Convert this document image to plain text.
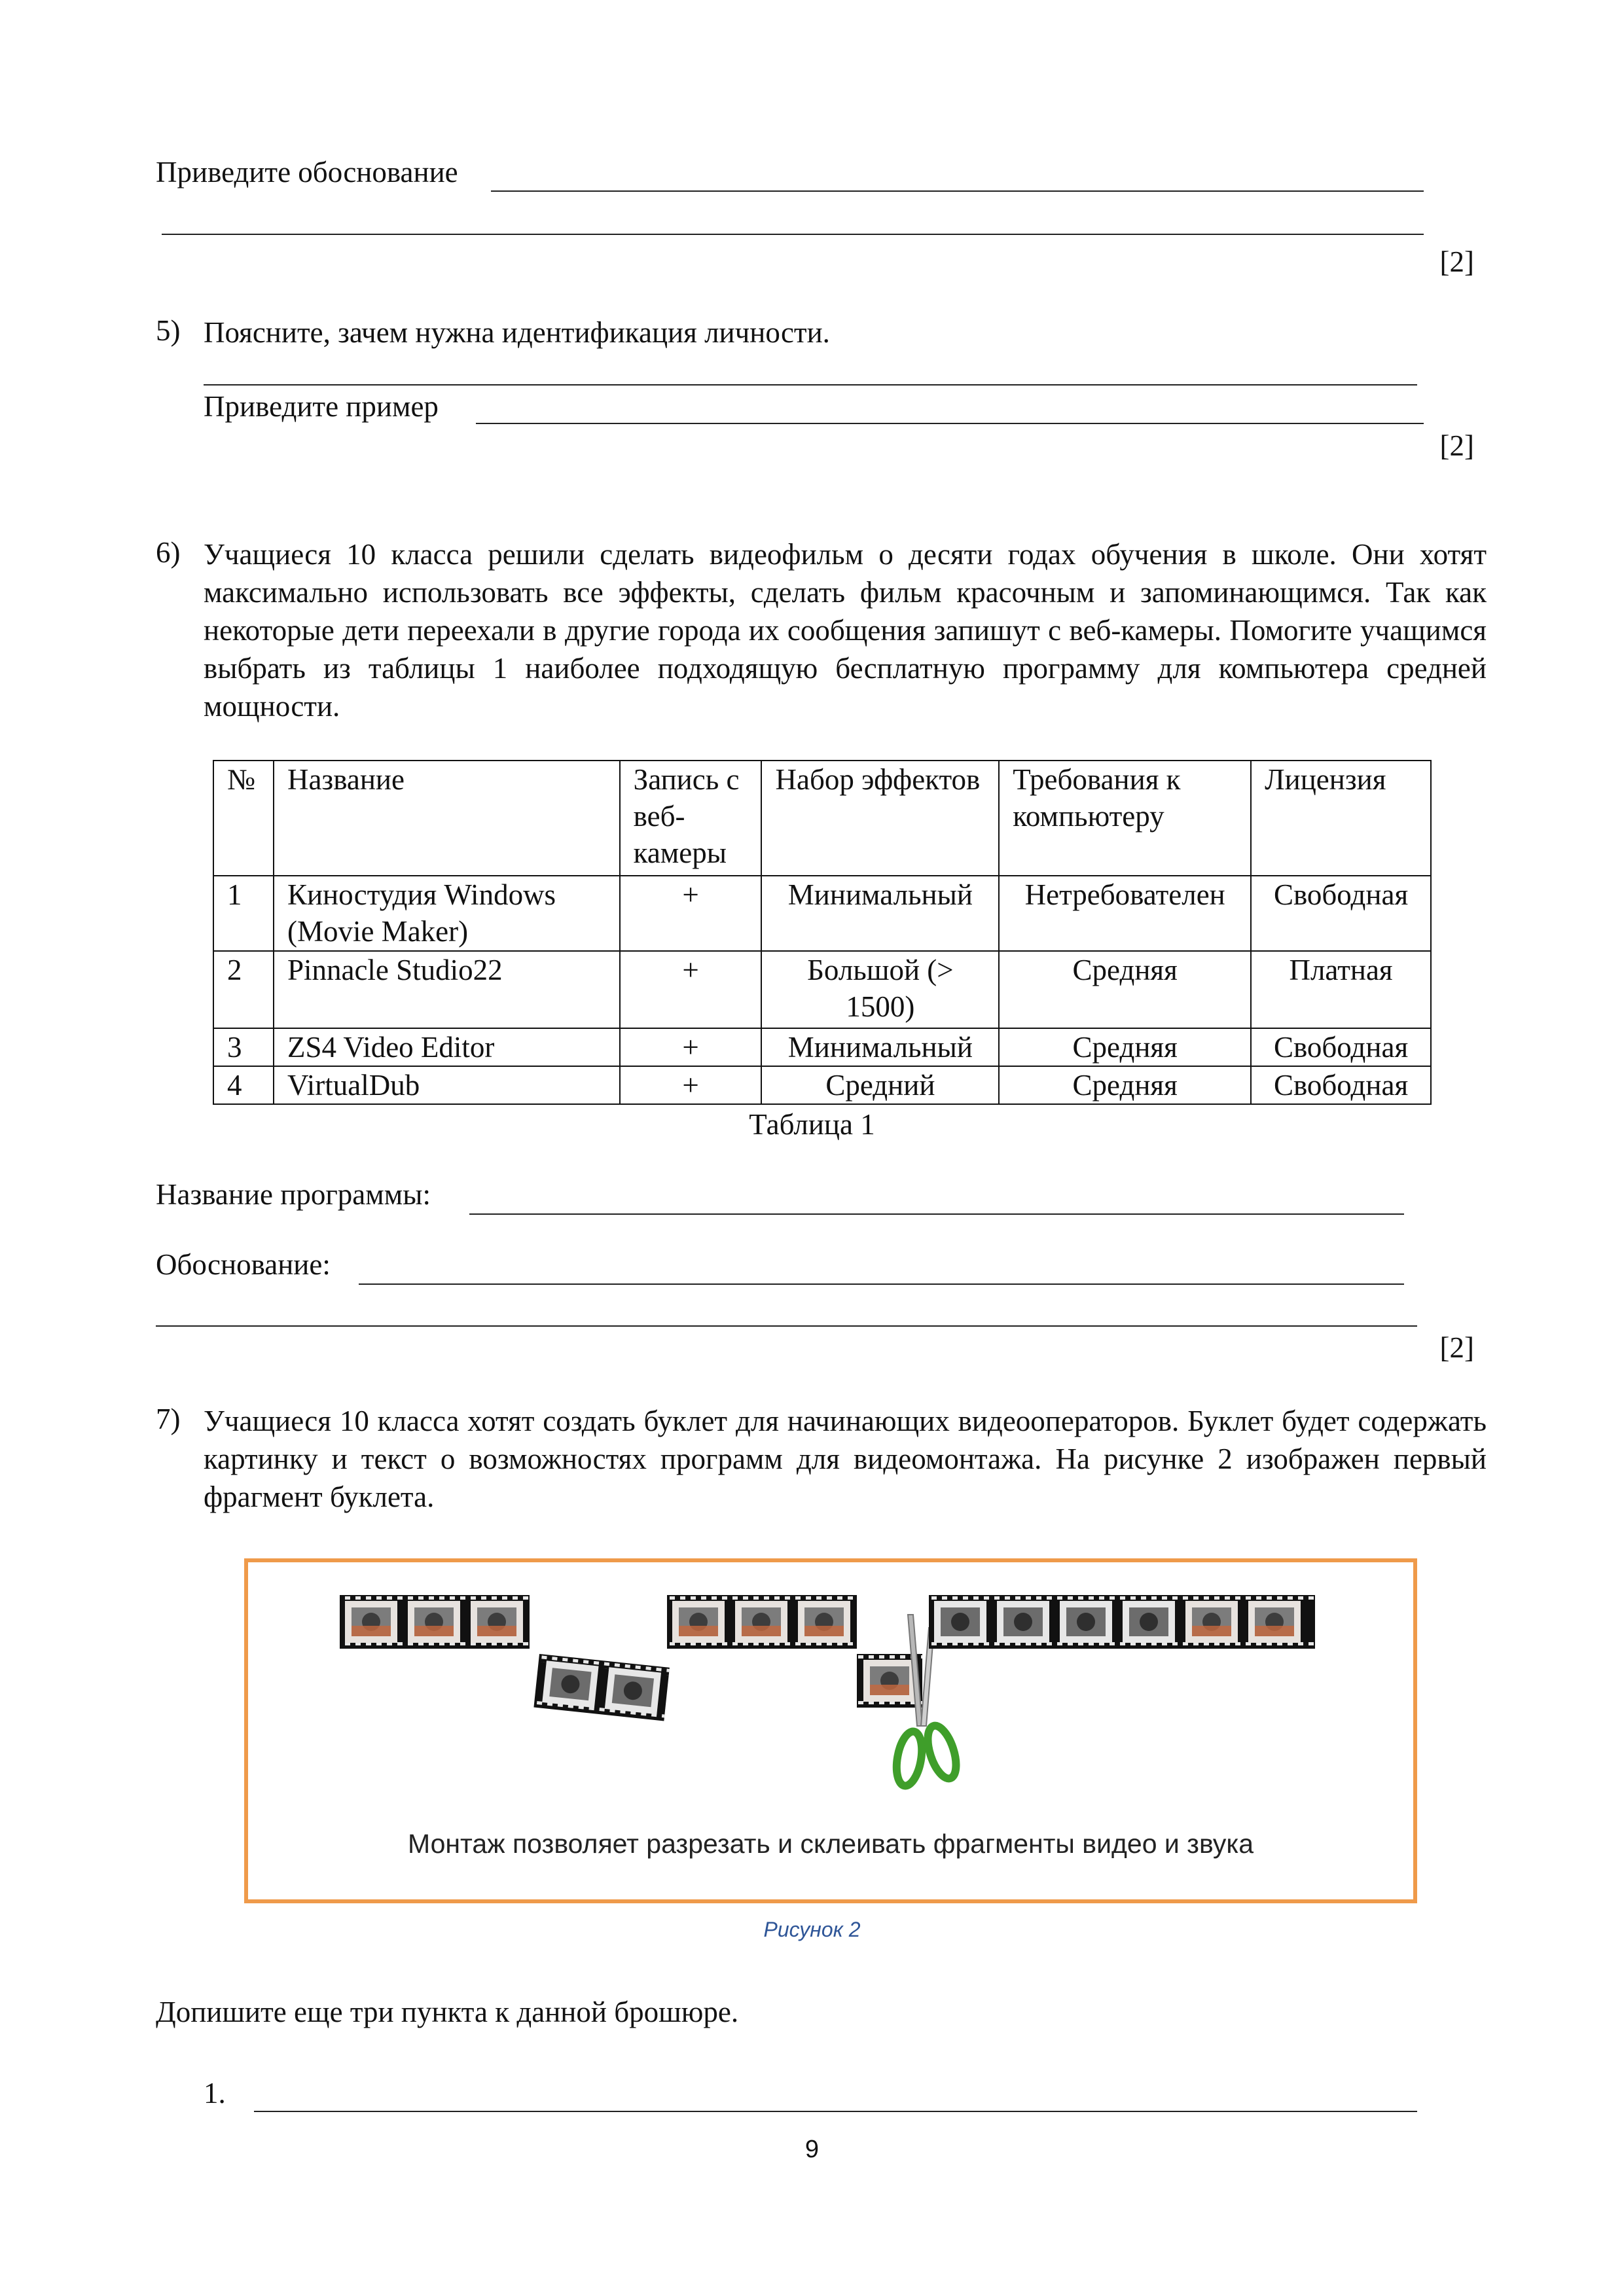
Приведите обоснование
[2]
5) Поясните, зачем нужна идентификация личности.
Приведите пример
[2]
6) Учащиеся 10 класса решили сделать видеофильм о десяти годах обучения в школе. Они хотят максимально использовать все эффекты, сделать фильм красочным и запоминающимся. Так как некоторые дети переехали в другие города их сообщения запишут с веб-камеры. Помогите учащимся выбрать из таблицы 1 наиболее подходящую бесплатную программу для компьютера средней мощности.
№	Название	Запись с веб-камеры	Набор эффектов	Требования к компьютеру	Лицензия
1	Киностудия Windows (Movie Maker)	+	Минимальный	Нетребователен	Свободная
2	Pinnacle Studio22	+	Большой (> 1500)	Средняя	Платная
3	ZS4 Video Editor	+	Минимальный	Средняя	Свободная
4	VirtualDub	+	Средний	Средняя	Свободная
Таблица 1
Название программы:
Обоснование:
[2]
7) Учащиеся 10 класса хотят создать буклет для начинающих видеооператоров. Буклет будет содержать картинку и текст о возможностях программ для видеомонтажа. На рисунке 2 изображен первый фрагмент буклета.
Монтаж позволяет разрезать и склеивать фрагменты видео и звука
Рисунок 2
Допишите еще три пункта к данной брошюре.
1.
9
